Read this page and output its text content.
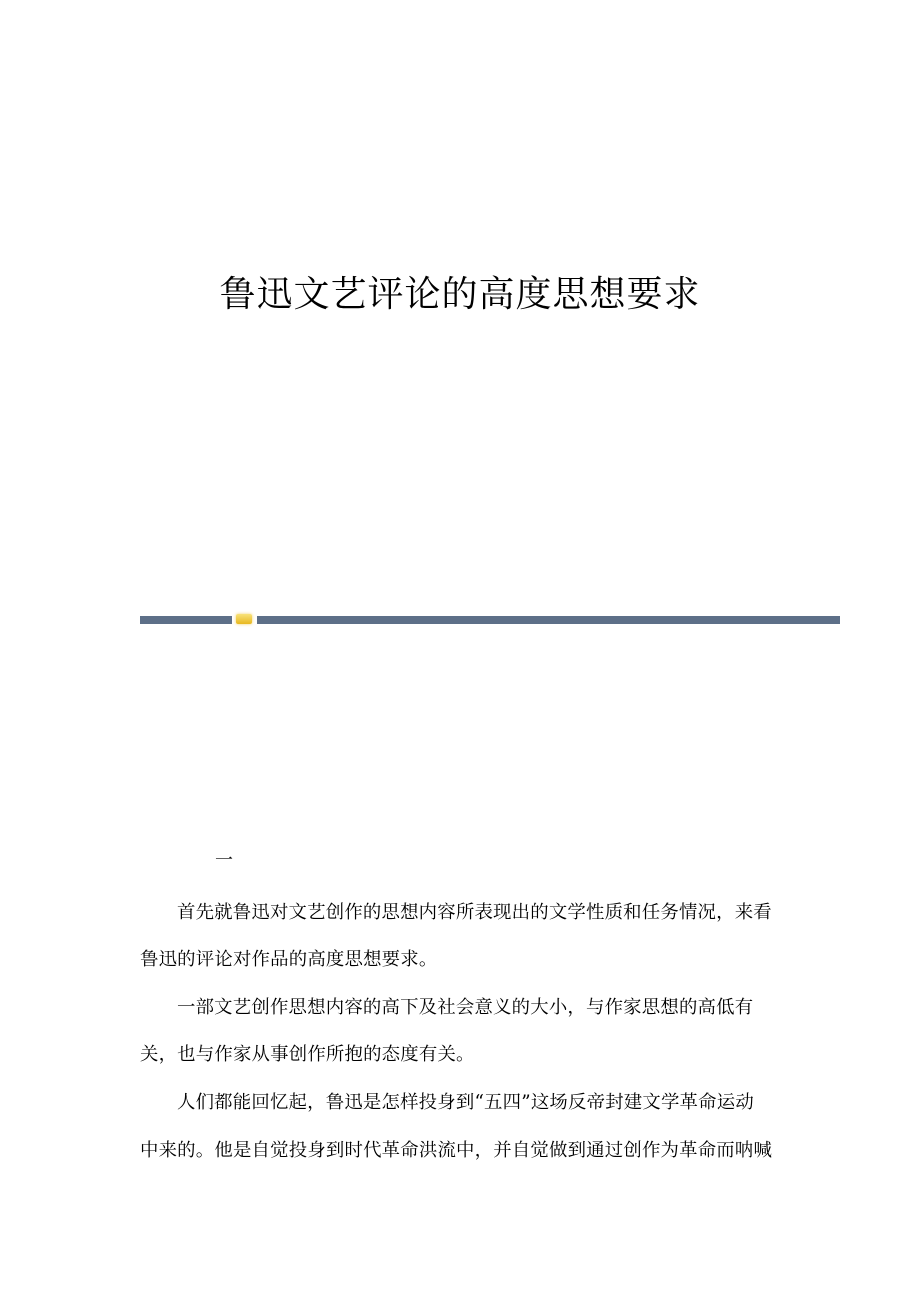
鲁迅文艺评论的高度思想要求
一
首先就鲁迅对文艺创作的思想内容所表现出的文学性质和任务情况，来看
鲁迅的评论对作品的高度思想要求。
一部文艺创作思想内容的高下及社会意义的大小，与作家思想的高低有
关，也与作家从事创作所抱的态度有关。
人们都能回忆起，鲁迅是怎样投身到“五四”这场反帝封建文学革命运动
中来的。他是自觉投身到时代革命洪流中，并自觉做到通过创作为革命而呐喊
